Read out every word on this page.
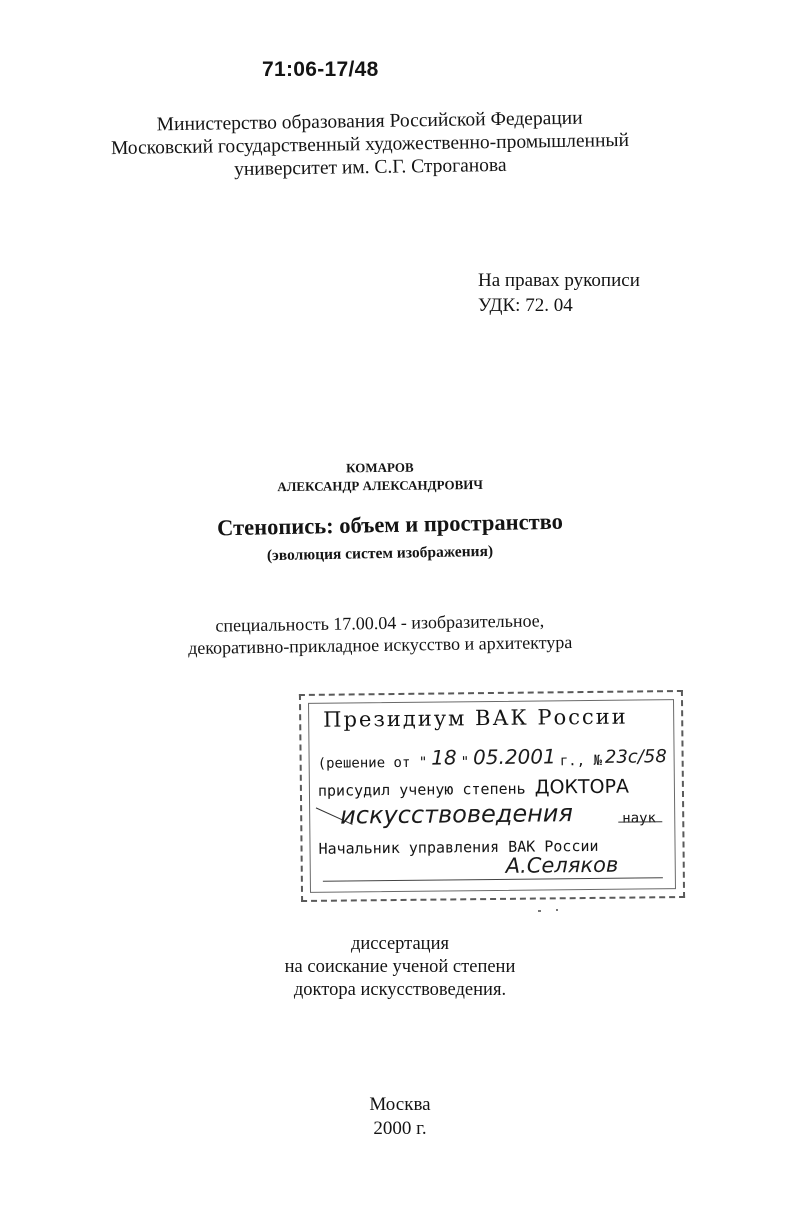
71:06-17/48
Министерство образования Российской Федерации
Московский государственный художественно-промышленный
университет им. С.Г. Строганова
На правах рукописи
УДК: 72. 04
КОМАРОВ
АЛЕКСАНДР АЛЕКСАНДРОВИЧ
Стенопись: объем и пространство
(эволюция систем изображения)
специальность 17.00.04 - изобразительное,
декоративно-прикладное искусство и архитектура
Президиум ВАК России
(решение от " 18 " 05.2001 г., № 23с/58
присудил ученую степень ДОКТОРА
искусствоведения	наук
Начальник управления ВАК России
А.Селяков
диссертация
на соискание ученой степени
доктора искусствоведения.
Москва
2000 г.
